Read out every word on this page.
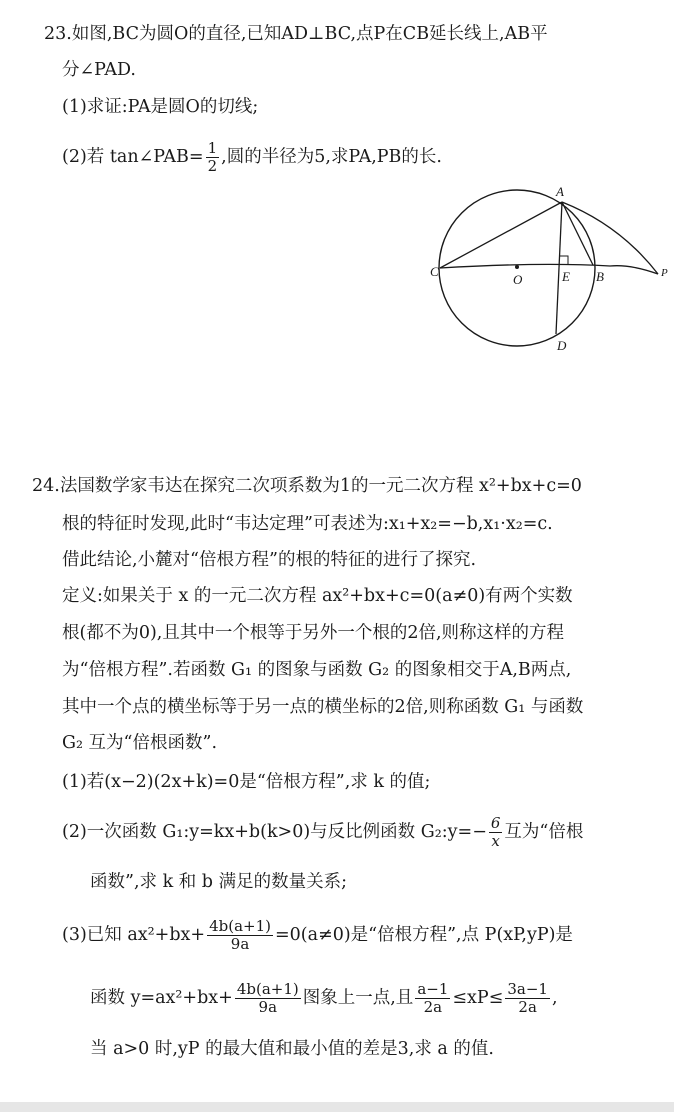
23.如图,BC为圆O的直径,已知AD⊥BC,点P在CB延长线上,AB平
分∠PAD.
(1)求证:PA是圆O的切线;
(2)若 tan∠PAB= $\frac{1}{2}$ ,圆的半径为5,求PA,PB的长.
A
B
C
D
E
O	P
24.法国数学家韦达在探究二次项系数为1的一元二次方程 x²+bx+c=0
根的特征时发现,此时“韦达定理”可表述为:x₁+x₂=−b,x₁·x₂=c.
借此结论,小麓对“倍根方程”的根的特征的进行了探究.
定义:如果关于 x 的一元二次方程 ax²+bx+c=0(a≠0)有两个实数
根(都不为0),且其中一个根等于另外一个根的2倍,则称这样的方程
为“倍根方程”.若函数 G₁ 的图象与函数 G₂ 的图象相交于A,B两点,
其中一个点的横坐标等于另一点的横坐标的2倍,则称函数 G₁ 与函数
G₂ 互为“倍根函数”.
(1)若(x−2)(2x+k)=0是“倍根方程”,求 k 的值;
(2)一次函数 G₁:y=kx+b(k>0)与反比例函数 G₂:y=− $\frac{6}{x}$ 互为“倍根
函数”,求 k 和 b 满足的数量关系;
(3)已知 $ax^2+bx+ \frac{4b(a+1)}{9a} =0(a\ne 0)$是“倍根方程”,点 P(xP,yP)是
函数 $y=ax^2+bx+ \frac{4b(a+1)}{9a}$ 图象上一点,且 $\frac{a-1}{2a} \le xP\le \frac{3a-1}{2a}$ ,
当 a>0 时,yP 的最大值和最小值的差是3,求 a 的值.
